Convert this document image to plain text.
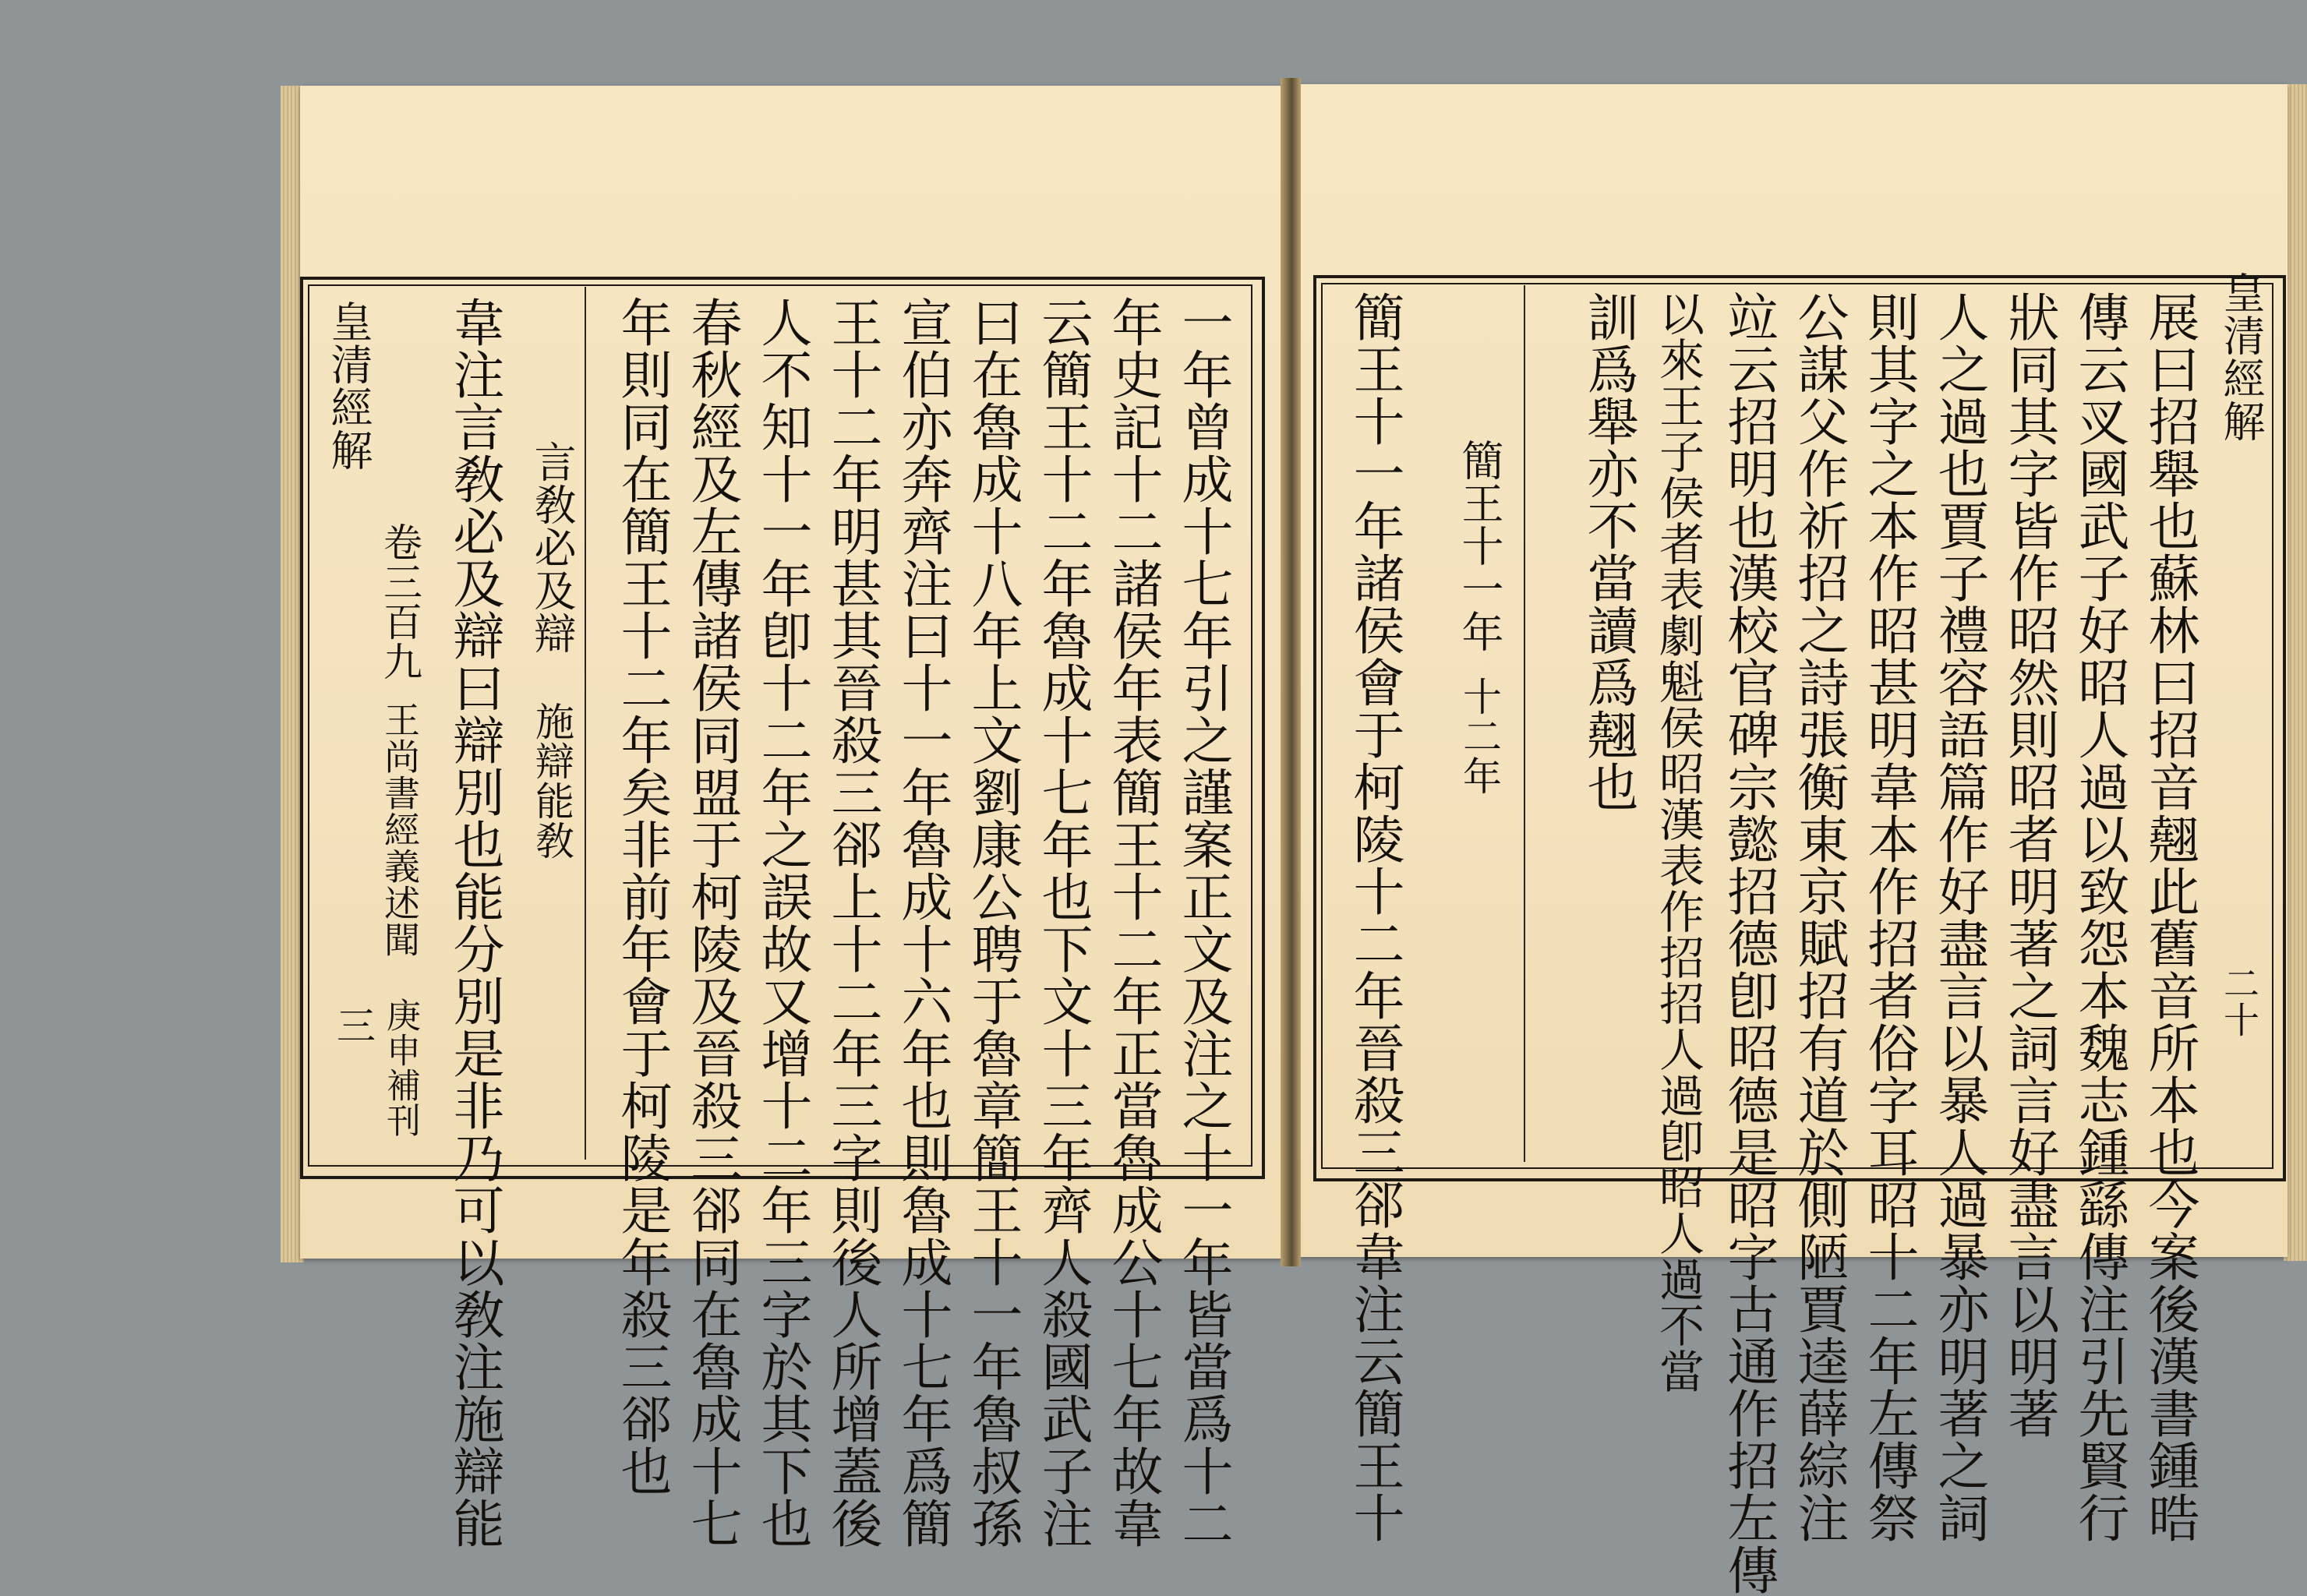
一年曾成十七年引之謹案正文及注之十一年皆當爲十二
年史記十二諸侯年表簡王十二年正當魯成公十七年故韋
云簡王十二年魯成十七年也下文十三年齊人殺國武子注
曰在魯成十八年上文劉康公聘于魯章簡王十一年魯叔孫
宣伯亦奔齊注曰十一年魯成十六年也則魯成十七年爲簡
王十二年明甚其晉殺三郤上十二年三字則後人所增蓋後
人不知十一年卽十二年之誤故又增十二年三字於其下也
春秋經及左傳諸侯同盟于柯陵及晉殺三郤同在魯成十七
年則同在簡王十二年矣非前年會于柯陵是年殺三郤也
韋注言敎必及辯曰辯別也能分別是非乃可以敎注施辯能 言敎必及辯
施辯能敎
皇清經解
卷三百九
王尚書經義述聞
三 庚申補刊
皇清經解
二十
展曰招舉也蘇林曰招音翹此舊音所本也今案後漢書鍾晧
傳云㕚國武子好昭人過以致怨本魏志鍾繇傳注引先賢行
狀同其字皆作昭然則昭者明著之詞言好盡言以明著
人之過也賈子禮容語篇作好盡言以暴人過暴亦明著之詞
則其字之本作昭甚明韋本作招者俗字耳昭十二年左傳祭
公謀父作祈招之詩張衡東京賦招有道於側陋賈逵薛綜注
竝云招明也漢校官碑宗懿招德卽昭德是昭字古通作招左傳
以來王子侯者表劇魁侯昭漢表作招招人過卽昭人過不當
訓爲舉亦不當讀爲翹也
簡王十一年
十二年
簡王十一年諸侯會于柯陵十二年晉殺三郤韋注云簡王十
